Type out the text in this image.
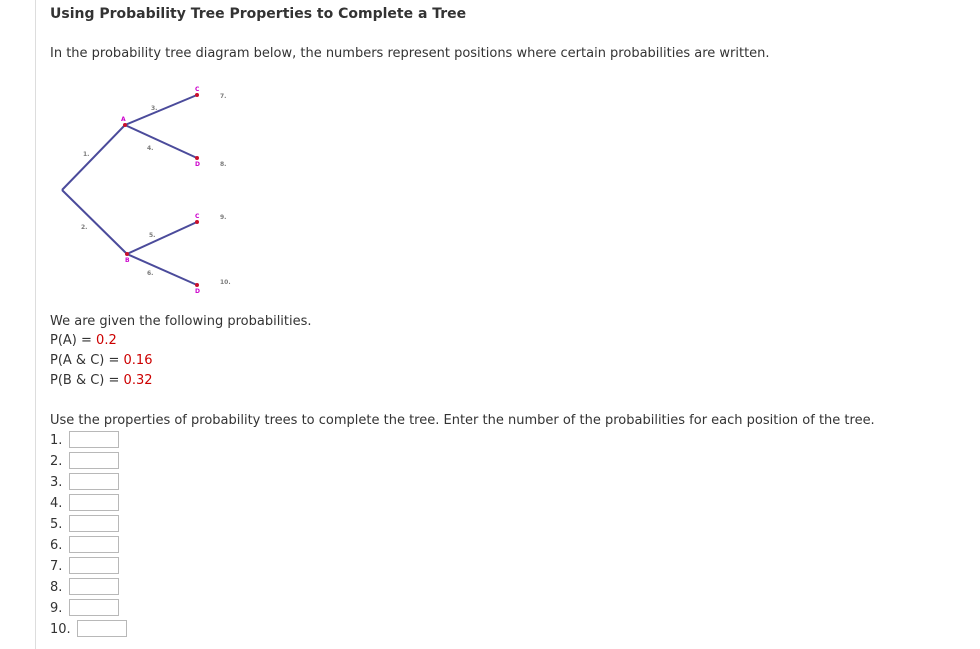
Using Probability Tree Properties to Complete a Tree
In the probability tree diagram below, the numbers represent positions where certain probabilities are written.
A
B
C
D
C
D
1.
2.
3.
4.
5.
6.
7.
8.
9.
10.
We are given the following probabilities.
P(A) = 0.2
P(A & C) = 0.16
P(B & C) = 0.32
Use the properties of probability trees to complete the tree. Enter the number of the probabilities for each position of the tree.
1.
2.
3.
4.
5.
6.
7.
8.
9.
10.
